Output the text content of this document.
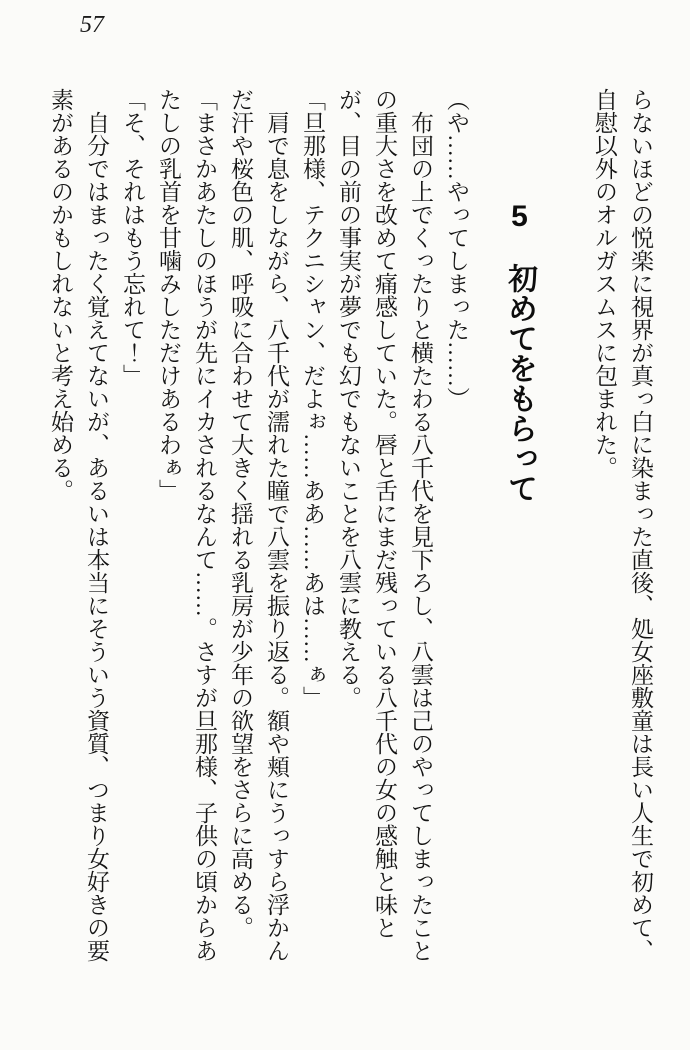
57

らないほどの悦楽に視界が真っ白に染まった直後、処女座敷童は長い人生で初めて、自慰以外のオルガスムスに包まれた。

5　初めてをもらって

（や……やってしまった……）

　布団の上でくったりと横たわる八千代を見下ろし、八雲は己のやってしまったことの重大さを改めて痛感していた。唇と舌にまだ残っている八千代の女の感触と味とが、目の前の事実が夢でも幻でもないことを八雲に教える。

「旦那様、テクニシャン、だよぉ……ああ……あは……ぁ」

　肩で息をしながら、八千代が濡れた瞳で八雲を振り返る。額や頬にうっすら浮かんだ汗や桜色の肌、呼吸に合わせて大きく揺れる乳房が少年の欲望をさらに高める。

「まさかあたしのほうが先にイカされるなんて……。さすが旦那様、子供の頃からあたしの乳首を甘噛みしただけあるわぁ」

「そ、それはもう忘れて！」

　自分ではまったく覚えてないが、あるいは本当にそういう資質、つまり女好きの要素があるのかもしれないと考え始める。
